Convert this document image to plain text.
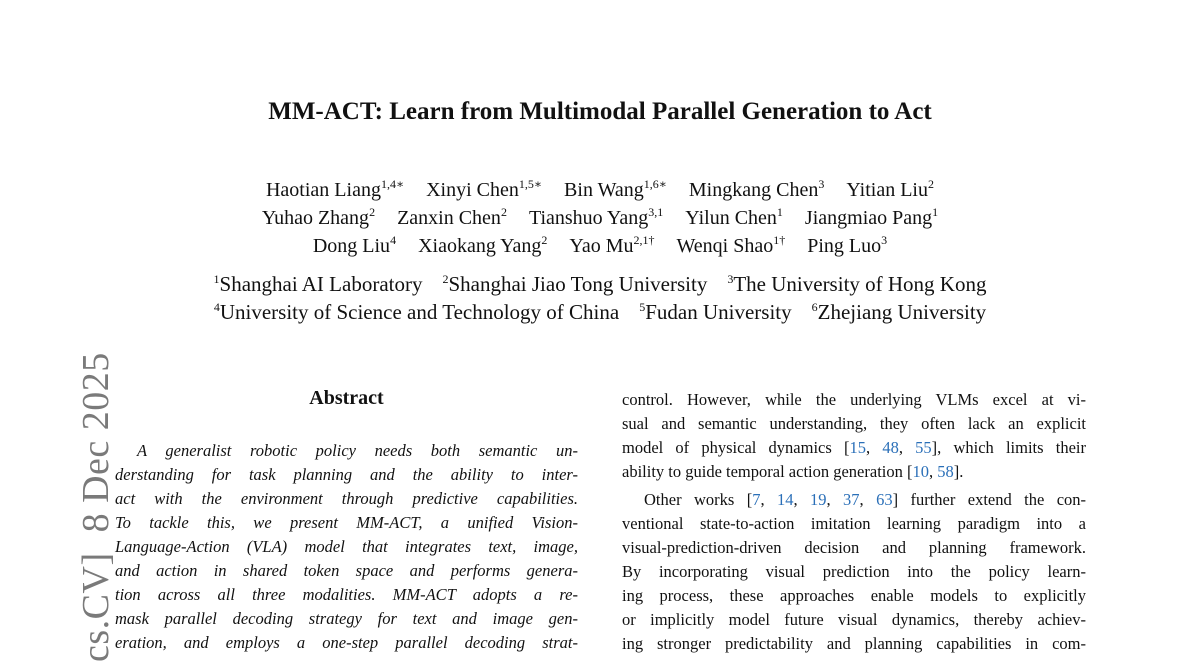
cs.CV]  8 Dec 2025
MM-ACT: Learn from Multimodal Parallel Generation to Act
Haotian Liang$^{1,4∗}$ Xinyi Chen$^{1,5∗}$ Bin Wang$^{1,6∗}$ Mingkang Chen$^3$ Yitian Liu$^2$
Yuhao Zhang$^2$ Zanxin Chen$^2$ Tianshuo Yang$^{3,1}$ Yilun Chen$^1$ Jiangmiao Pang$^1$
Dong Liu$^4$ Xiaokang Yang$^2$ Yao $Mu^{2,1\dagger}$ Wenqi Shao$^{1\dagger}$ Ping Luo$^3$
$^1$Shanghai AI Laboratory $^2$Shanghai Jiao Tong University $^3$The University of Hong Kong
$^4$University of Science and Technology of China $^5$Fudan University $^6$Zhejiang University
Abstract
A generalist robotic policy needs both semantic un-
derstanding for task planning and the ability to inter-
act with the environment through predictive capabilities.
To tackle this, we present MM-ACT, a unified Vision-
Language-Action (VLA) model that integrates text, image,
and action in shared token space and performs genera-
tion across all three modalities. MM-ACT adopts a re-
mask parallel decoding strategy for text and image gen-
eration, and employs a one-step parallel decoding strat-
control. However, while the underlying VLMs excel at vi-
sual and semantic understanding, they often lack an explicit
model of physical dynamics [15, 48, 55], which limits their
ability to guide temporal action generation [10, 58].
Other works [7, 14, 19, 37, 63] further extend the con-
ventional state-to-action imitation learning paradigm into a
visual-prediction-driven decision and planning framework.
By incorporating visual prediction into the policy learn-
ing process, these approaches enable models to explicitly
or implicitly model future visual dynamics, thereby achiev-
ing stronger predictability and planning capabilities in com-
